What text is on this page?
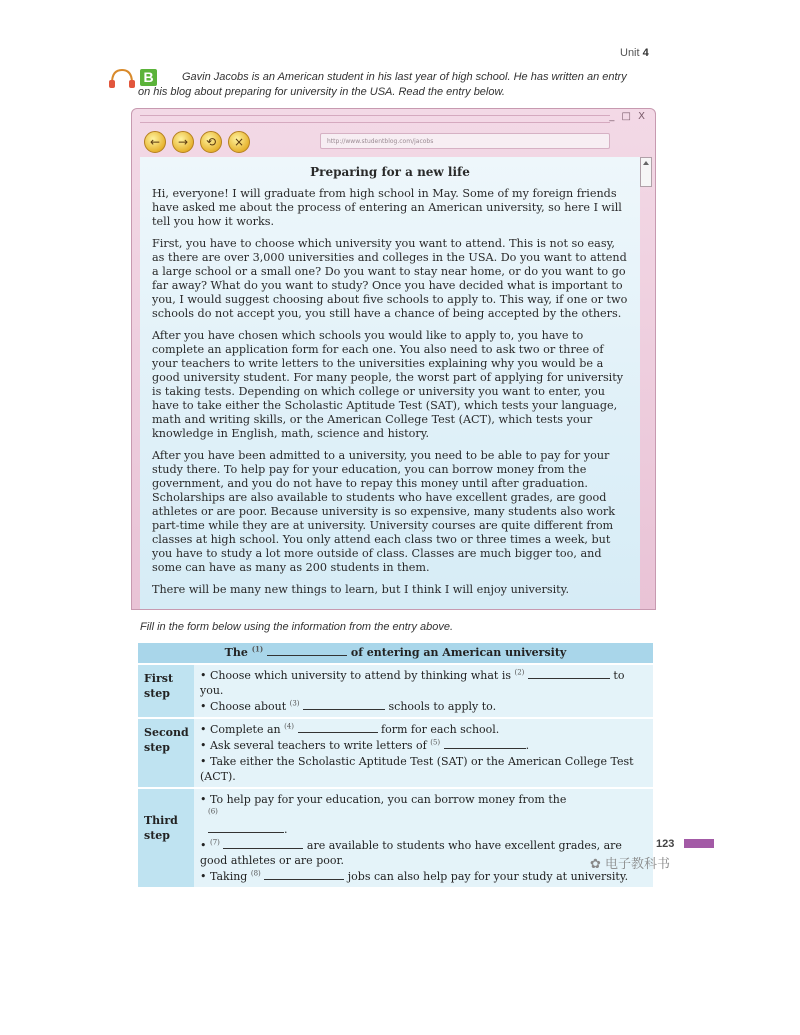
Unit 4
B	Gavin Jacobs is an American student in his last year of high school. He has written an entry
on his blog about preparing for university in the USA. Read the entry below.
_ □ X
←	→	⟲	×	http://www.studentblog.com/jacobs
Preparing for a new life

Hi, everyone! I will graduate from high school in May. Some of my foreign friends have asked me about the process of entering an American university, so here I will tell you how it works.

First, you have to choose which university you want to attend. This is not so easy, as there are over 3,000 universities and colleges in the USA. Do you want to attend a large school or a small one? Do you want to stay near home, or do you want to go far away? What do you want to study? Once you have decided what is important to you, I would suggest choosing about five schools to apply to. This way, if one or two schools do not accept you, you still have a chance of being accepted by the others.

After you have chosen which schools you would like to apply to, you have to complete an application form for each one. You also need to ask two or three of your teachers to write letters to the universities explaining why you would be a good university student. For many people, the worst part of applying for university is taking tests. Depending on which college or university you want to enter, you have to take either the Scholastic Aptitude Test (SAT), which tests your language, math and writing skills, or the American College Test (ACT), which tests your knowledge in English, math, science and history.

After you have been admitted to a university, you need to be able to pay for your study there. To help pay for your education, you can borrow money from the government, and you do not have to repay this money until after graduation. Scholarships are also available to students who have excellent grades, are good athletes or are poor. Because university is so expensive, many students also work part-time while they are at university. University courses are quite different from classes at high school. You only attend each class two or three times a week, but you have to study a lot more outside of class. Classes are much bigger too, and some can have as many as 200 students in them.

There will be many new things to learn, but I think I will enjoy university.

Fill in the form below using the information from the entry above.
The $^{(1)}$	of entering an American university
First step
• Choose which university to attend by thinking what is $^{(2)}$	to you.
• Choose about $^{(3)}$	schools to apply to.
Second step
• Complete an $^{(4)}$	form for each school.
• Ask several teachers to write letters of $^{(5)}$	.
• Take either the Scholastic Aptitude Test (SAT) or the American College Test (ACT).
Third step
• To help pay for your education, you can borrow money from the
$^{(6)}$
.
• $^{(7)}$	are available to students who have excellent grades, are good athletes or are poor.
• Taking $^{(8)}$	jobs can also help pay for your study at university.
123
✿ 电子教科书
